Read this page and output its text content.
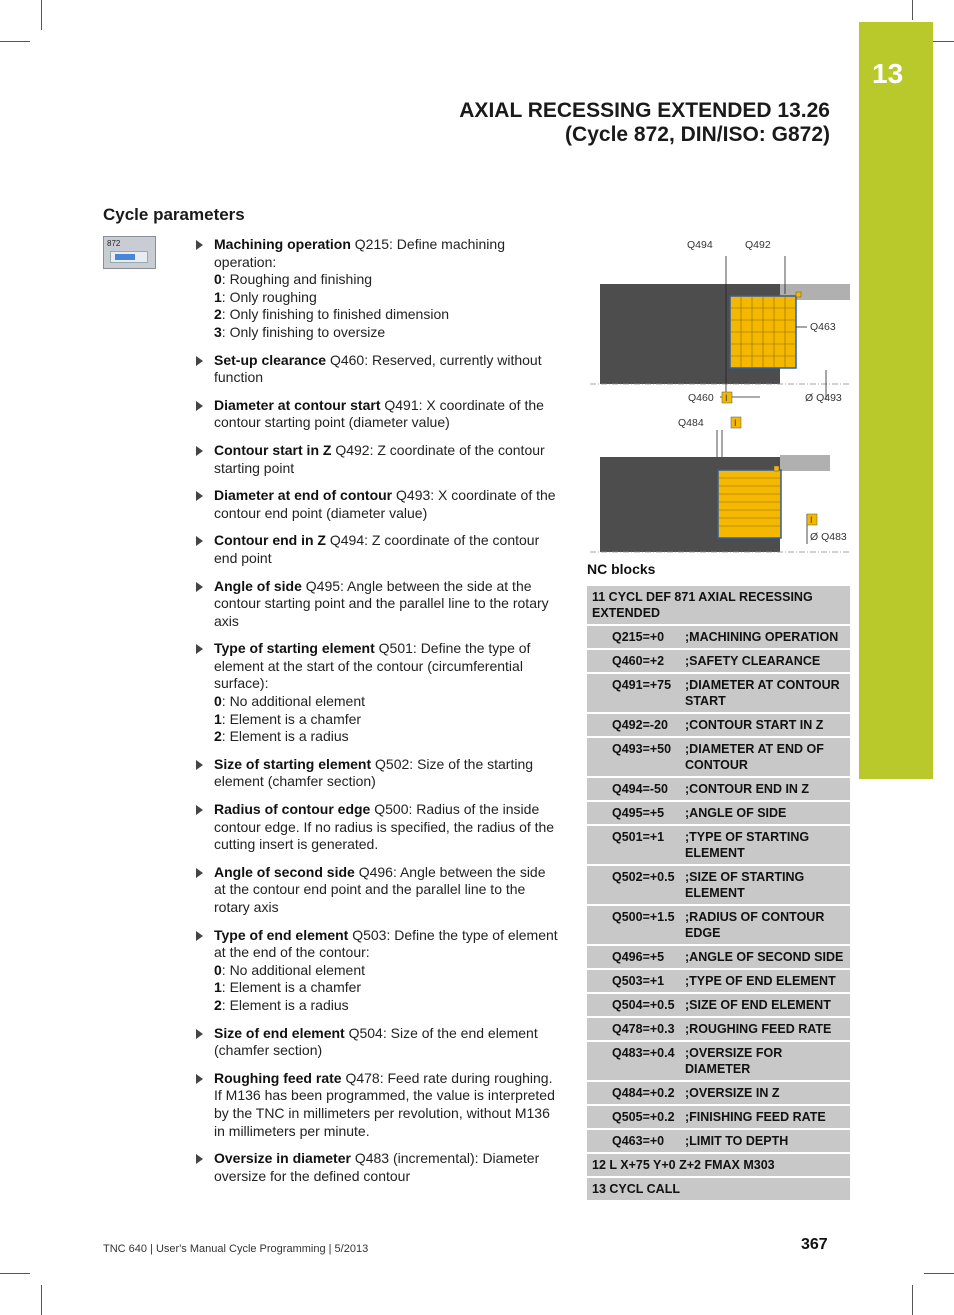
13
AXIAL RECESSING EXTENDED 13.26
(Cycle 872, DIN/ISO: G872)
Cycle parameters
872	Machining operation Q215: Define machining operation:
0: Roughing and finishing
1: Only roughing
2: Only finishing to finished dimension
3: Only finishing to oversize
Set-up clearance Q460: Reserved, currently without function
Diameter at contour start Q491: X coordinate of the contour starting point (diameter value)
Contour start in Z Q492: Z coordinate of the contour starting point
Diameter at end of contour Q493: X coordinate of the contour end point (diameter value)
Contour end in Z Q494: Z coordinate of the contour end point
Angle of side Q495: Angle between the side at the contour starting point and the parallel line to the rotary axis
Type of starting element Q501: Define the type of element at the start of the contour (circumferential surface):
0: No additional element
1: Element is a chamfer
2: Element is a radius
Size of starting element Q502: Size of the starting element (chamfer section)
Radius of contour edge Q500: Radius of the inside contour edge. If no radius is specified, the radius of the cutting insert is generated.
Angle of second side Q496: Angle between the side at the contour end point and the parallel line to the rotary axis
Type of end element Q503: Define the type of element at the end of the contour:
0: No additional element
1: Element is a chamfer
2: Element is a radius
Size of end element Q504: Size of the end element (chamfer section)
Roughing feed rate Q478: Feed rate during roughing. If M136 has been programmed, the value is interpreted by the TNC in millimeters per revolution, without M136 in millimeters per minute.
Oversize in diameter Q483 (incremental): Diameter oversize for the defined contour
Q494	Q492
Q463
Q460 I	Ø Q493
Q484	I
I
Ø Q483
NC blocks
11 CYCL DEF 871 AXIAL RECESSING EXTENDED
Q215=+0	;MACHINING OPERATION
Q460=+2	;SAFETY CLEARANCE
Q491=+75	;DIAMETER AT CONTOUR START
Q492=-20	;CONTOUR START IN Z
Q493=+50	;DIAMETER AT END OF CONTOUR
Q494=-50	;CONTOUR END IN Z
Q495=+5	;ANGLE OF SIDE
Q501=+1	;TYPE OF STARTING ELEMENT
Q502=+0.5 ;SIZE OF STARTING ELEMENT
Q500=+1.5 ;RADIUS OF CONTOUR EDGE
Q496=+5	;ANGLE OF SECOND SIDE
Q503=+1	;TYPE OF END ELEMENT
Q504=+0.5 ;SIZE OF END ELEMENT
Q478=+0.3 ;ROUGHING FEED RATE
Q483=+0.4 ;OVERSIZE FOR DIAMETER
Q484=+0.2 ;OVERSIZE IN Z
Q505=+0.2 ;FINISHING FEED RATE
Q463=+0	;LIMIT TO DEPTH
12 L X+75 Y+0 Z+2 FMAX M303
13 CYCL CALL
TNC 640 | User's Manual Cycle Programming | 5/2013	367
